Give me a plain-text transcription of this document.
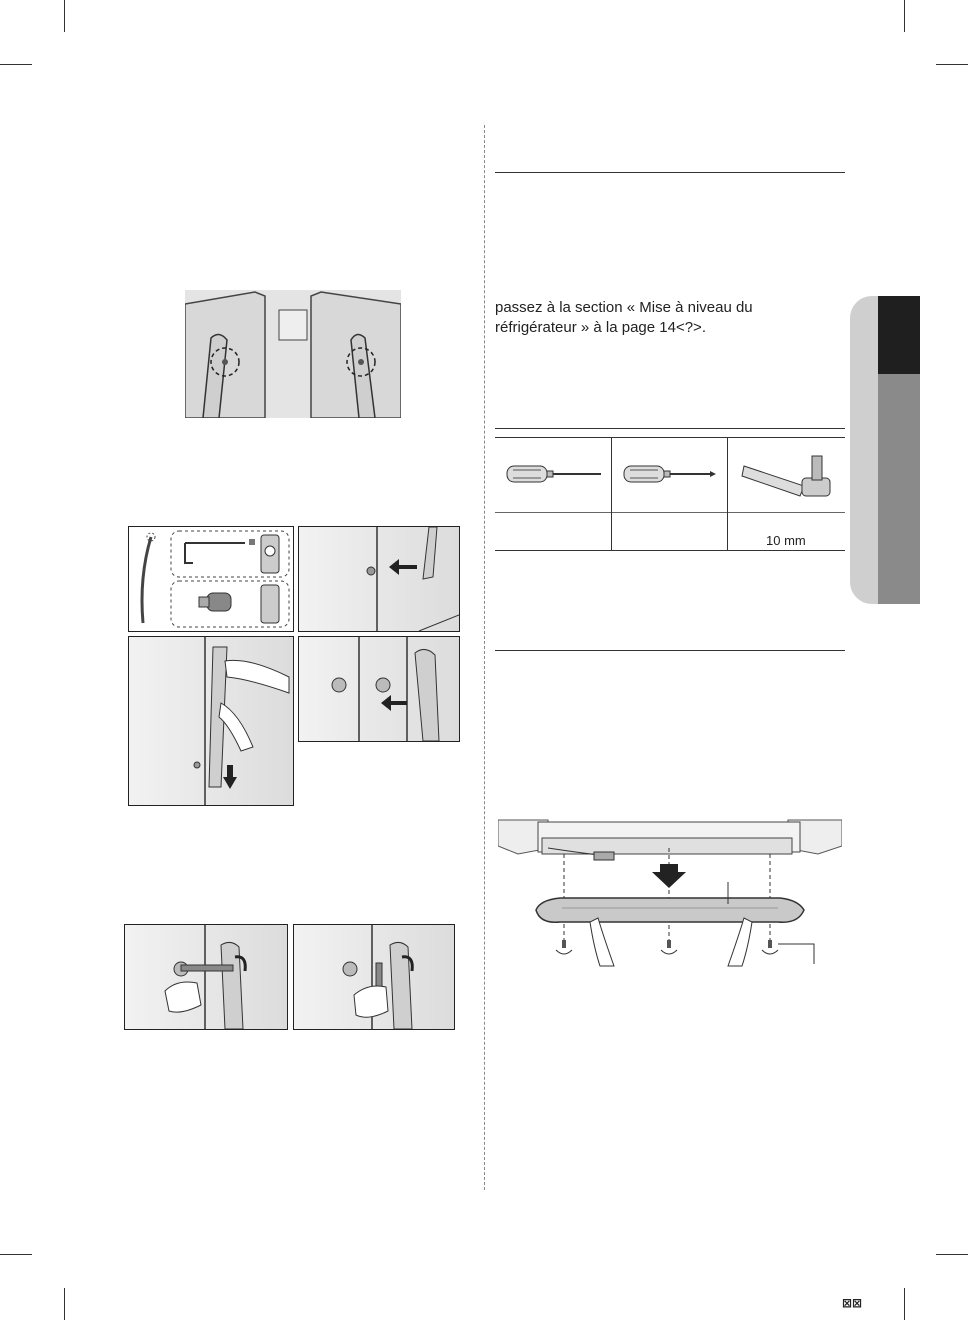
passez à la section « Mise à niveau du
réfrigérateur » à la page 14<?>.
10 mm
⊠⊠
